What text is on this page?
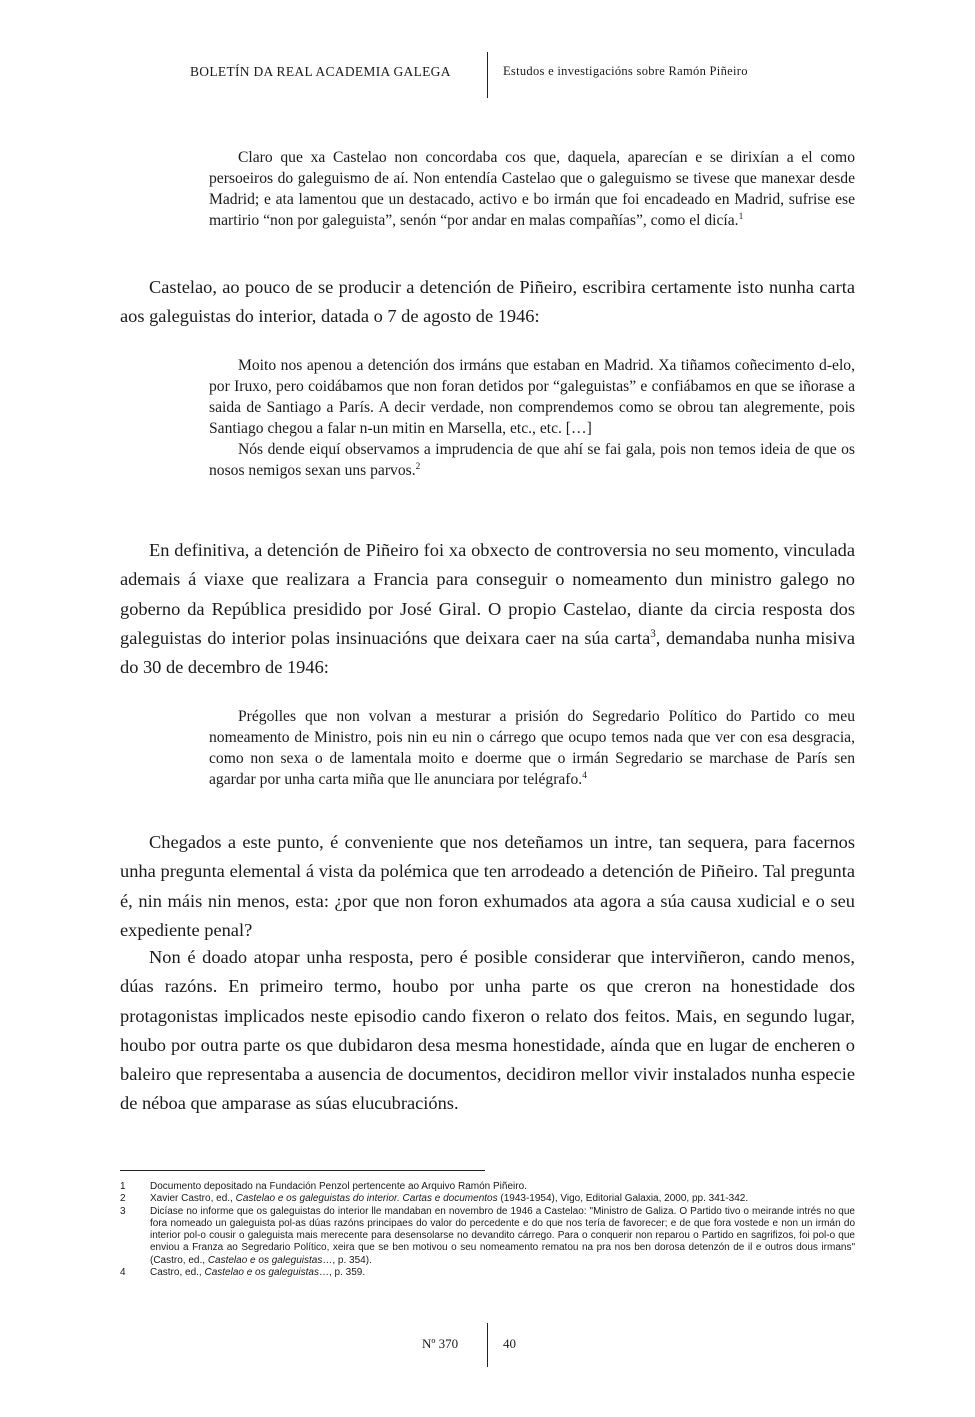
BOLETÍN DA REAL ACADEMIA GALEGA	Estudos e investigacións sobre Ramón Piñeiro

Claro que xa Castelao non concordaba cos que, daquela, aparecían e se dirixían a el como persoeiros do galeguismo de aí. Non entendía Castelao que o galeguismo se tivese que manexar desde Madrid; e ata lamentou que un destacado, activo e bo irmán que foi encadeado en Madrid, sufrise ese martirio “non por galeguista”, senón “por andar en malas compañías”, como el dicía.$^1$

Castelao, ao pouco de se producir a detención de Piñeiro, escribira certamente isto nunha carta aos galeguistas do interior, datada o 7 de agosto de 1946:

Moito nos apenou a detención dos irmáns que estaban en Madrid. Xa tiñamos coñecimento d-elo, por Iruxo, pero coidábamos que non foran detidos por “galeguistas” e confiábamos en que se iñorase a saida de Santiago a París. A decir verdade, non comprendemos como se obrou tan alegremente, pois Santiago chegou a falar n-un mitin en Marsella, etc., etc. […]

Nós dende eiquí observamos a imprudencia de que ahí se fai gala, pois non temos ideia de que os nosos nemigos sexan uns parvos.$^2$

En definitiva, a detención de Piñeiro foi xa obxecto de controversia no seu momento, vinculada ademais á viaxe que realizara a Francia para conseguir o nomeamento dun ministro galego no goberno da República presidido por José Giral. O propio Castelao, diante da circia resposta dos galeguistas do interior polas insinuacións que deixara caer na súa carta$^3$, demandaba nunha misiva do 30 de decembro de 1946:

Prégolles que non volvan a mesturar a prisión do Segredario Político do Partido co meu nomeamento de Ministro, pois nin eu nin o cárrego que ocupo temos nada que ver con esa desgracia, como non sexa o de lamentala moito e doerme que o irmán Segredario se marchase de París sen agardar por unha carta miña que lle anunciara por telégrafo.$^4$

Chegados a este punto, é conveniente que nos deteñamos un intre, tan sequera, para facernos unha pregunta elemental á vista da polémica que ten arrodeado a detención de Piñeiro. Tal pregunta é, nin máis nin menos, esta: ¿por que non foron exhumados ata agora a súa causa xudicial e o seu expediente penal?

Non é doado atopar unha resposta, pero é posible considerar que interviñeron, cando menos, dúas razóns. En primeiro termo, houbo por unha parte os que creron na honestidade dos protagonistas implicados neste episodio cando fixeron o relato dos feitos. Mais, en segundo lugar, houbo por outra parte os que dubidaron desa mesma honestidade, aínda que en lugar de encheren o baleiro que representaba a ausencia de documentos, decidiron mellor vivir instalados nunha especie de néboa que amparase as súas elucubracións.

1	Documento depositado na Fundación Penzol pertencente ao Arquivo Ramón Piñeiro.
2	Xavier Castro, ed., Castelao e os galeguistas do interior. Cartas e documentos (1943-1954), Vigo, Editorial Galaxia, 2000, pp. 341-342.
3	Dicíase no informe que os galeguistas do interior lle mandaban en novembro de 1946 a Castelao: "Ministro de Galiza. O Partido tivo o meirande intrés no que fora nomeado un galeguista pol-as dúas razóns principaes do valor do percedente e do que nos tería de favorecer; e de que fora vostede e non un irmán do interior pol-o cousir o galeguista mais merecente para desensolarse no devandito cárrego. Para o conquerir non reparou o Partido en sagrifizos, foi pol-o que enviou a Franza ao Segredario Político, xeira que se ben motivou o seu nomeamento rematou na pra nos ben dorosa detenzón de il e outros dous irmans" (Castro, ed., Castelao e os galeguistas…, p. 354).
4	Castro, ed., Castelao e os galeguistas…, p. 359.
Nº 370	40
